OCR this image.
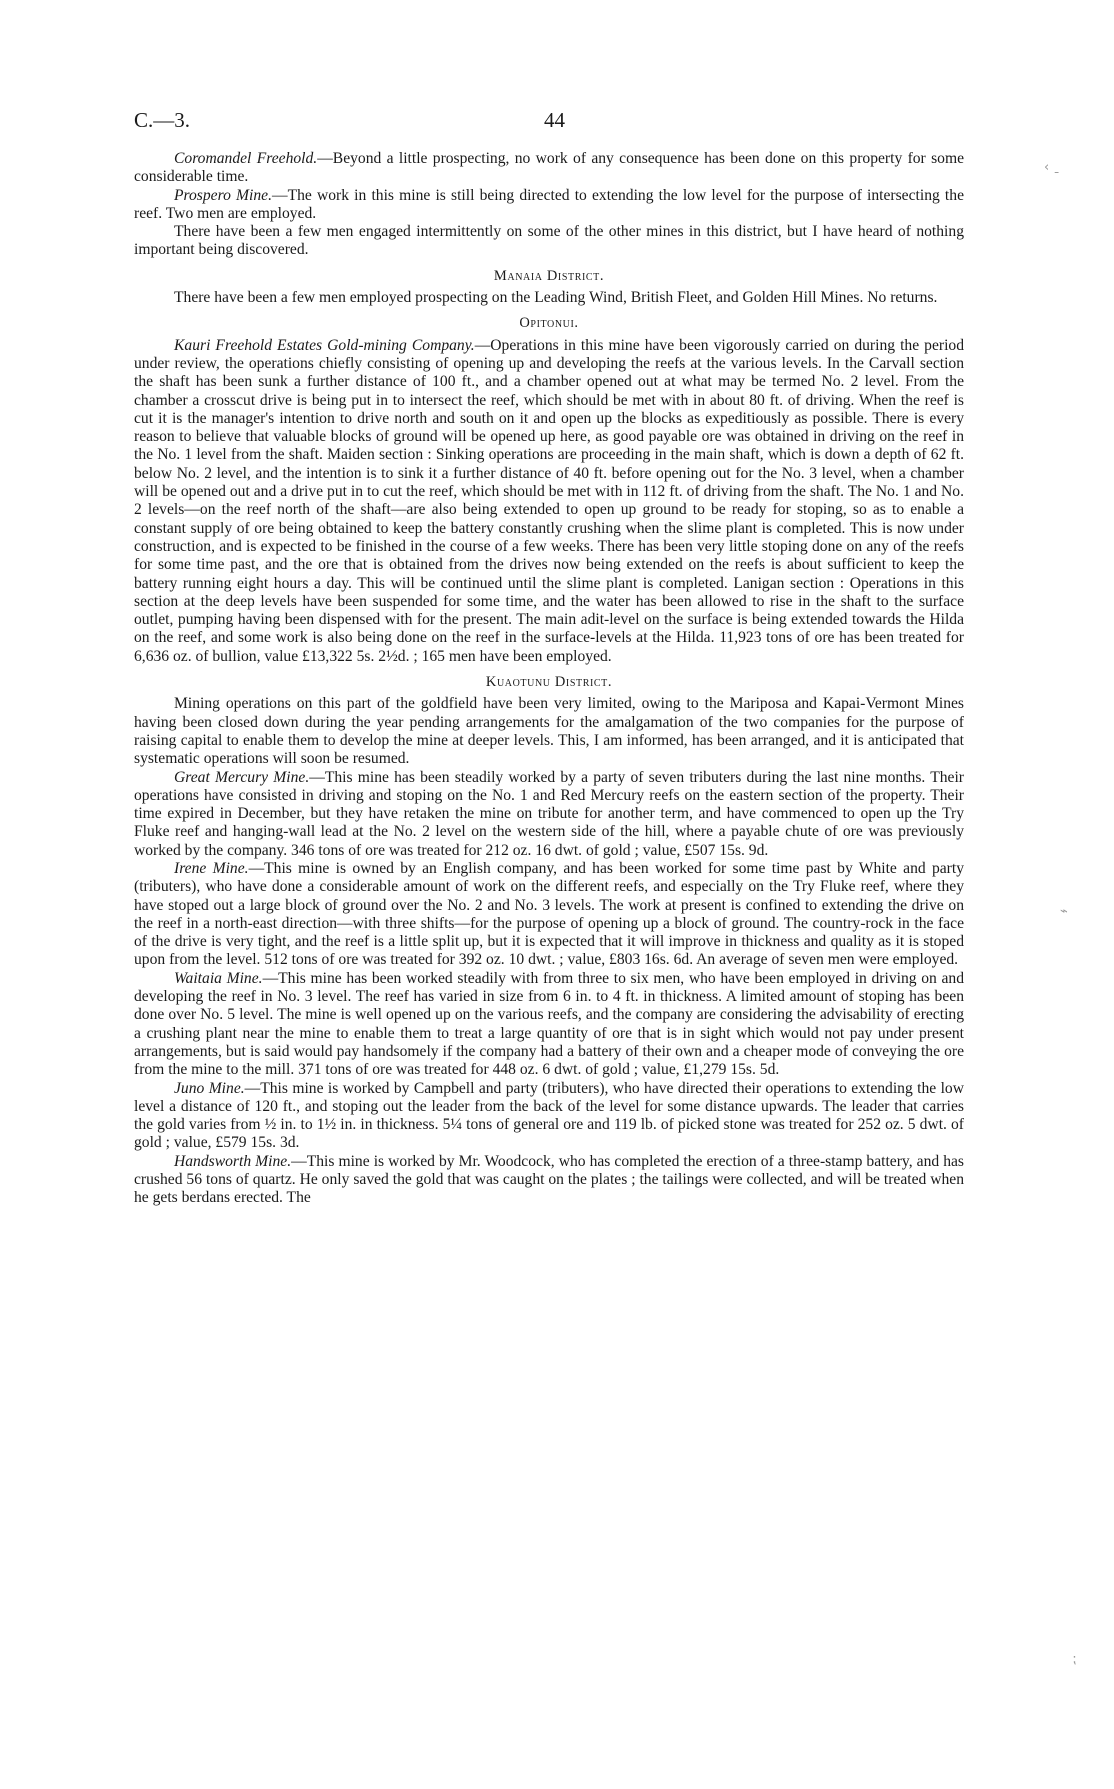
‹ ˍ
⌁
⁏
C.—3.	44

Coromandel Freehold.—Beyond a little prospecting, no work of any consequence has been done on this property for some considerable time.

Prospero Mine.—The work in this mine is still being directed to extending the low level for the purpose of intersecting the reef. Two men are employed.

There have been a few men engaged intermittently on some of the other mines in this district, but I have heard of nothing important being discovered.

Manaia District.

There have been a few men employed prospecting on the Leading Wind, British Fleet, and Golden Hill Mines. No returns.

Opitonui.

Kauri Freehold Estates Gold-mining Company.—Operations in this mine have been vigorously carried on during the period under review, the operations chiefly consisting of opening up and developing the reefs at the various levels. In the Carvall section the shaft has been sunk a further distance of 100 ft., and a chamber opened out at what may be termed No. 2 level. From the chamber a crosscut drive is being put in to intersect the reef, which should be met with in about 80 ft. of driving. When the reef is cut it is the manager's intention to drive north and south on it and open up the blocks as expeditiously as possible. There is every reason to believe that valuable blocks of ground will be opened up here, as good payable ore was obtained in driving on the reef in the No. 1 level from the shaft. Maiden section : Sinking operations are proceeding in the main shaft, which is down a depth of 62 ft. below No. 2 level, and the intention is to sink it a further distance of 40 ft. before opening out for the No. 3 level, when a chamber will be opened out and a drive put in to cut the reef, which should be met with in 112 ft. of driving from the shaft. The No. 1 and No. 2 levels—on the reef north of the shaft—are also being extended to open up ground to be ready for stoping, so as to enable a constant supply of ore being obtained to keep the battery constantly crushing when the slime plant is completed. This is now under construction, and is expected to be finished in the course of a few weeks. There has been very little stoping done on any of the reefs for some time past, and the ore that is obtained from the drives now being extended on the reefs is about sufficient to keep the battery running eight hours a day. This will be continued until the slime plant is completed. Lanigan section : Operations in this section at the deep levels have been suspended for some time, and the water has been allowed to rise in the shaft to the surface outlet, pumping having been dispensed with for the present. The main adit-level on the surface is being extended towards the Hilda on the reef, and some work is also being done on the reef in the surface-levels at the Hilda. 11,923 tons of ore has been treated for 6,636 oz. of bullion, value £13,322 5s. 2½d. ; 165 men have been employed.

Kuaotunu District.

Mining operations on this part of the goldfield have been very limited, owing to the Mariposa and Kapai-Vermont Mines having been closed down during the year pending arrangements for the amalgamation of the two companies for the purpose of raising capital to enable them to develop the mine at deeper levels. This, I am informed, has been arranged, and it is anticipated that systematic operations will soon be resumed.

Great Mercury Mine.—This mine has been steadily worked by a party of seven tributers during the last nine months. Their operations have consisted in driving and stoping on the No. 1 and Red Mercury reefs on the eastern section of the property. Their time expired in December, but they have retaken the mine on tribute for another term, and have commenced to open up the Try Fluke reef and hanging-wall lead at the No. 2 level on the western side of the hill, where a payable chute of ore was previously worked by the company. 346 tons of ore was treated for 212 oz. 16 dwt. of gold ; value, £507 15s. 9d.

Irene Mine.—This mine is owned by an English company, and has been worked for some time past by White and party (tributers), who have done a considerable amount of work on the different reefs, and especially on the Try Fluke reef, where they have stoped out a large block of ground over the No. 2 and No. 3 levels. The work at present is confined to extending the drive on the reef in a north-east direction—with three shifts—for the purpose of opening up a block of ground. The country-rock in the face of the drive is very tight, and the reef is a little split up, but it is expected that it will improve in thickness and quality as it is stoped upon from the level. 512 tons of ore was treated for 392 oz. 10 dwt. ; value, £803 16s. 6d. An average of seven men were employed.

Waitaia Mine.—This mine has been worked steadily with from three to six men, who have been employed in driving on and developing the reef in No. 3 level. The reef has varied in size from 6 in. to 4 ft. in thickness. A limited amount of stoping has been done over No. 5 level. The mine is well opened up on the various reefs, and the company are considering the advisability of erecting a crushing plant near the mine to enable them to treat a large quantity of ore that is in sight which would not pay under present arrangements, but is said would pay handsomely if the company had a battery of their own and a cheaper mode of conveying the ore from the mine to the mill. 371 tons of ore was treated for 448 oz. 6 dwt. of gold ; value, £1,279 15s. 5d.

Juno Mine.—This mine is worked by Campbell and party (tributers), who have directed their operations to extending the low level a distance of 120 ft., and stoping out the leader from the back of the level for some distance upwards. The leader that carries the gold varies from ½ in. to 1½ in. in thickness. 5¼ tons of general ore and 119 lb. of picked stone was treated for 252 oz. 5 dwt. of gold ; value, £579 15s. 3d.

Handsworth Mine.—This mine is worked by Mr. Woodcock, who has completed the erection of a three-stamp battery, and has crushed 56 tons of quartz. He only saved the gold that was caught on the plates ; the tailings were collected, and will be treated when he gets berdans erected. The
